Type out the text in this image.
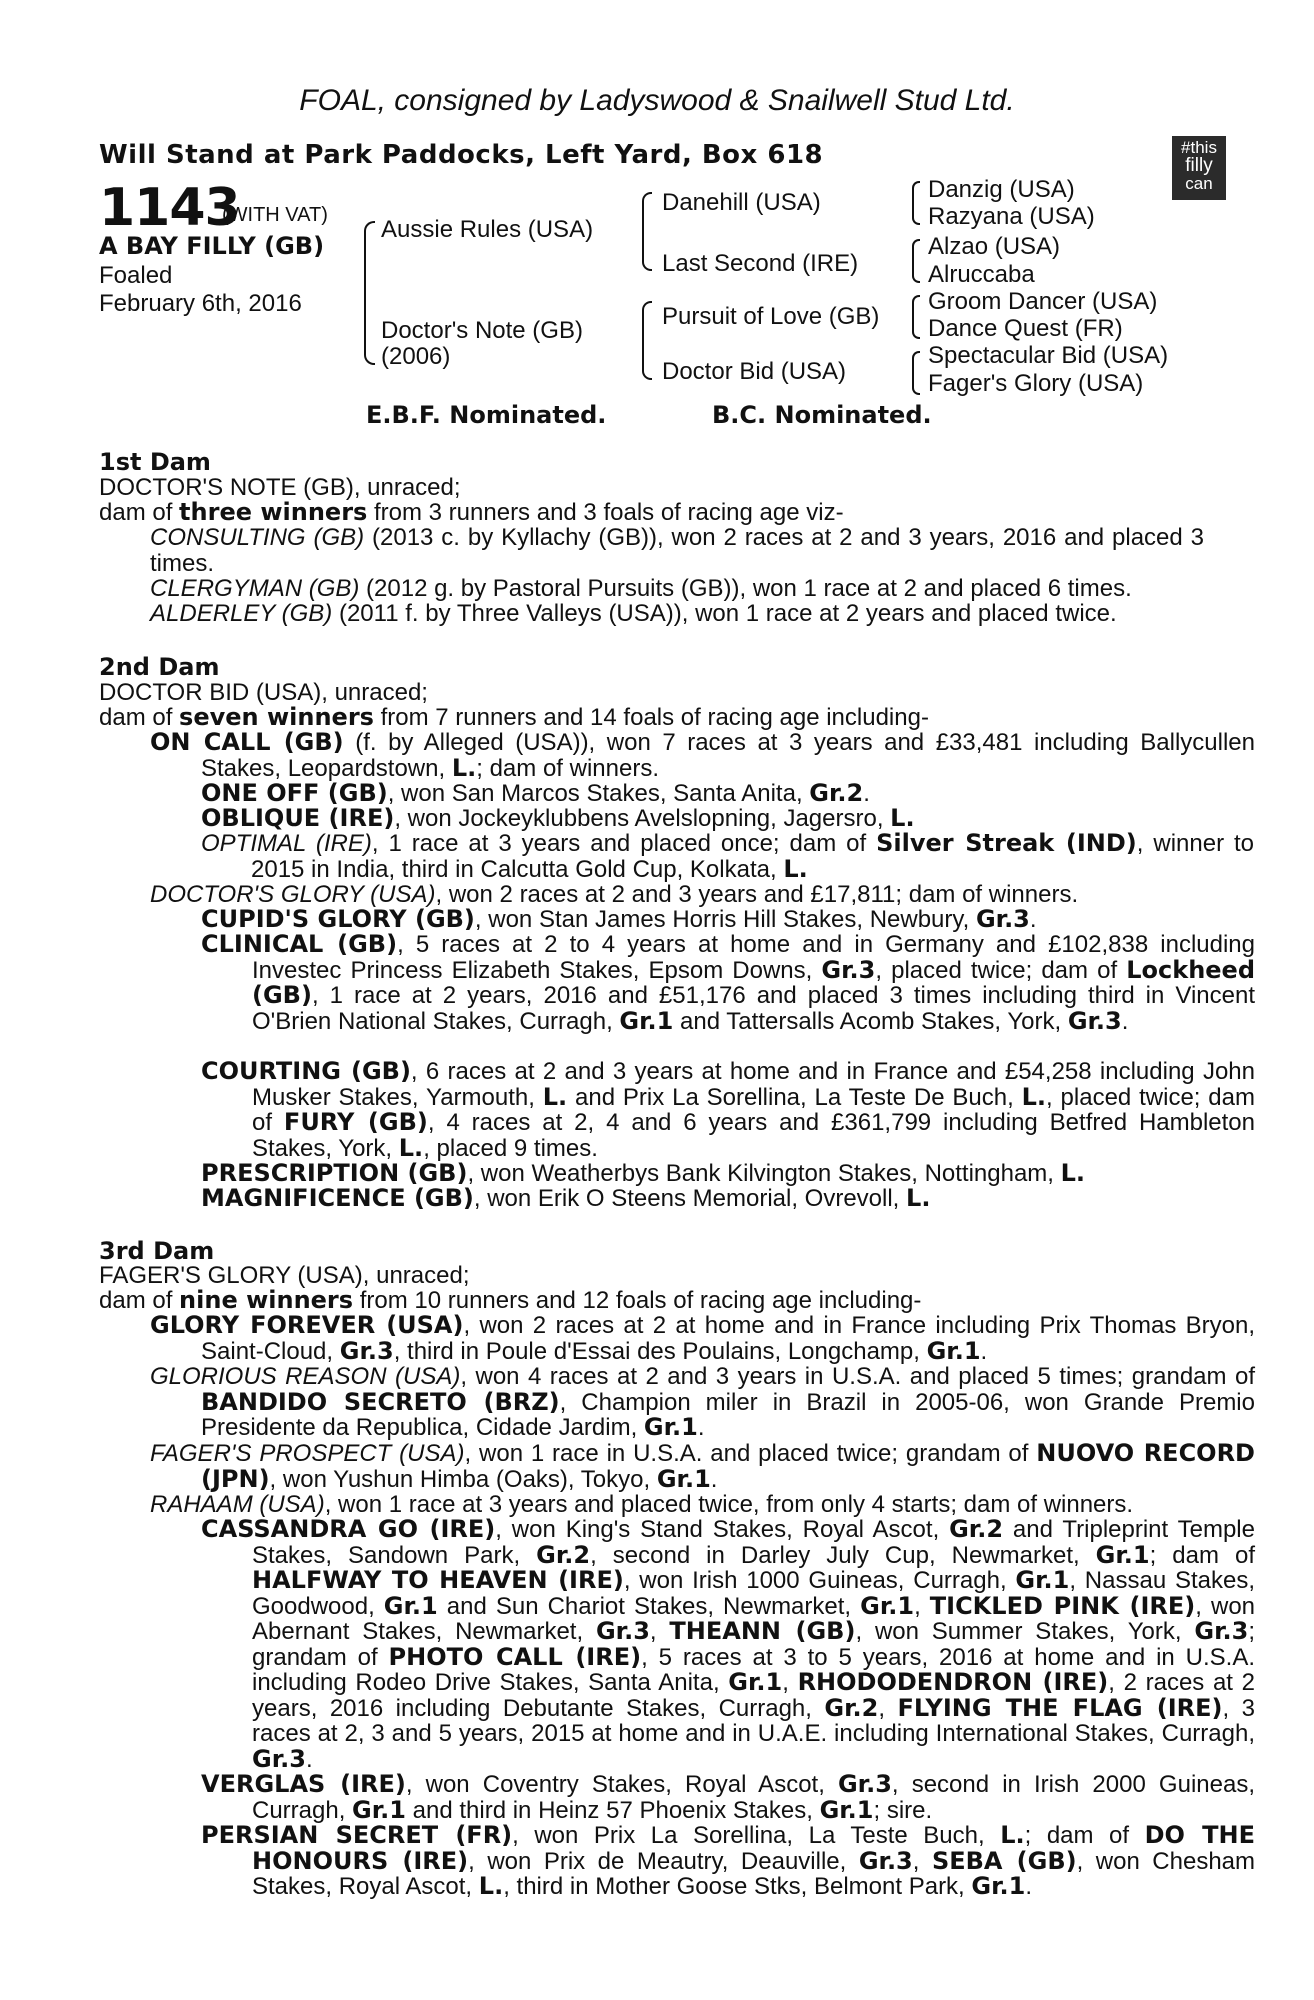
FOAL, consigned by Ladyswood & Snailwell Stud Ltd.
Will Stand at Park Paddocks, Left Yard, Box 618	#this
filly
can
1143
(WITH VAT)
A BAY FILLY (GB)
Foaled
February 6th, 2016
Aussie Rules (USA)
Doctor's Note (GB)
(2006)
Danehill (USA)
Last Second (IRE)
Pursuit of Love (GB)
Doctor Bid (USA)
Danzig (USA)
Razyana (USA)
Alzao (USA)
Alruccaba
Groom Dancer (USA)
Dance Quest (FR)
Spectacular Bid (USA)
Fager's Glory (USA)
E.B.F. Nominated.	B.C. Nominated.
1st Dam
DOCTOR'S NOTE (GB), unraced;
dam of three winners from 3 runners and 3 foals of racing age viz-
CONSULTING (GB) (2013 c. by Kyllachy (GB)), won 2 races at 2 and 3 years, 2016 and placed 3 times.
CLERGYMAN (GB) (2012 g. by Pastoral Pursuits (GB)), won 1 race at 2 and placed 6 times.
ALDERLEY (GB) (2011 f. by Three Valleys (USA)), won 1 race at 2 years and placed twice.
2nd Dam
DOCTOR BID (USA), unraced;
dam of seven winners from 7 runners and 14 foals of racing age including-
ON CALL (GB) (f. by Alleged (USA)), won 7 races at 3 years and £33,481 including Ballycullen Stakes, Leopardstown, L.; dam of winners.
ONE OFF (GB), won San Marcos Stakes, Santa Anita, Gr.2.
OBLIQUE (IRE), won Jockeyklubbens Avelslopning, Jagersro, L.
OPTIMAL (IRE), 1 race at 3 years and placed once; dam of Silver Streak (IND), winner to 2015 in India, third in Calcutta Gold Cup, Kolkata, L.
DOCTOR'S GLORY (USA), won 2 races at 2 and 3 years and £17,811; dam of winners.
CUPID'S GLORY (GB), won Stan James Horris Hill Stakes, Newbury, Gr.3.
CLINICAL (GB), 5 races at 2 to 4 years at home and in Germany and £102,838 including Investec Princess Elizabeth Stakes, Epsom Downs, Gr.3, placed twice; dam of Lockheed (GB), 1 race at 2 years, 2016 and £51,176 and placed 3 times including third in Vincent O'Brien National Stakes, Curragh, Gr.1 and Tattersalls Acomb Stakes, York, Gr.3.
COURTING (GB), 6 races at 2 and 3 years at home and in France and £54,258 including John Musker Stakes, Yarmouth, L. and Prix La Sorellina, La Teste De Buch, L., placed twice; dam of FURY (GB), 4 races at 2, 4 and 6 years and £361,799 including Betfred Hambleton Stakes, York, L., placed 9 times.
PRESCRIPTION (GB), won Weatherbys Bank Kilvington Stakes, Nottingham, L.
MAGNIFICENCE (GB), won Erik O Steens Memorial, Ovrevoll, L.
3rd Dam
FAGER'S GLORY (USA), unraced;
dam of nine winners from 10 runners and 12 foals of racing age including-
GLORY FOREVER (USA), won 2 races at 2 at home and in France including Prix Thomas Bryon, Saint-Cloud, Gr.3, third in Poule d'Essai des Poulains, Longchamp, Gr.1.
GLORIOUS REASON (USA), won 4 races at 2 and 3 years in U.S.A. and placed 5 times; grandam of BANDIDO SECRETO (BRZ), Champion miler in Brazil in 2005-06, won Grande Premio Presidente da Republica, Cidade Jardim, Gr.1.
FAGER'S PROSPECT (USA), won 1 race in U.S.A. and placed twice; grandam of NUOVO RECORD (JPN), won Yushun Himba (Oaks), Tokyo, Gr.1.
RAHAAM (USA), won 1 race at 3 years and placed twice, from only 4 starts; dam of winners.
CASSANDRA GO (IRE), won King's Stand Stakes, Royal Ascot, Gr.2 and Tripleprint Temple Stakes, Sandown Park, Gr.2, second in Darley July Cup, Newmarket, Gr.1; dam of HALFWAY TO HEAVEN (IRE), won Irish 1000 Guineas, Curragh, Gr.1, Nassau Stakes, Goodwood, Gr.1 and Sun Chariot Stakes, Newmarket, Gr.1, TICKLED PINK (IRE), won Abernant Stakes, Newmarket, Gr.3, THEANN (GB), won Summer Stakes, York, Gr.3; grandam of PHOTO CALL (IRE), 5 races at 3 to 5 years, 2016 at home and in U.S.A. including Rodeo Drive Stakes, Santa Anita, Gr.1, RHODODENDRON (IRE), 2 races at 2 years, 2016 including Debutante Stakes, Curragh, Gr.2, FLYING THE FLAG (IRE), 3 races at 2, 3 and 5 years, 2015 at home and in U.A.E. including International Stakes, Curragh, Gr.3.
VERGLAS (IRE), won Coventry Stakes, Royal Ascot, Gr.3, second in Irish 2000 Guineas, Curragh, Gr.1 and third in Heinz 57 Phoenix Stakes, Gr.1; sire.
PERSIAN SECRET (FR), won Prix La Sorellina, La Teste Buch, L.; dam of DO THE HONOURS (IRE), won Prix de Meautry, Deauville, Gr.3, SEBA (GB), won Chesham Stakes, Royal Ascot, L., third in Mother Goose Stks, Belmont Park, Gr.1.
